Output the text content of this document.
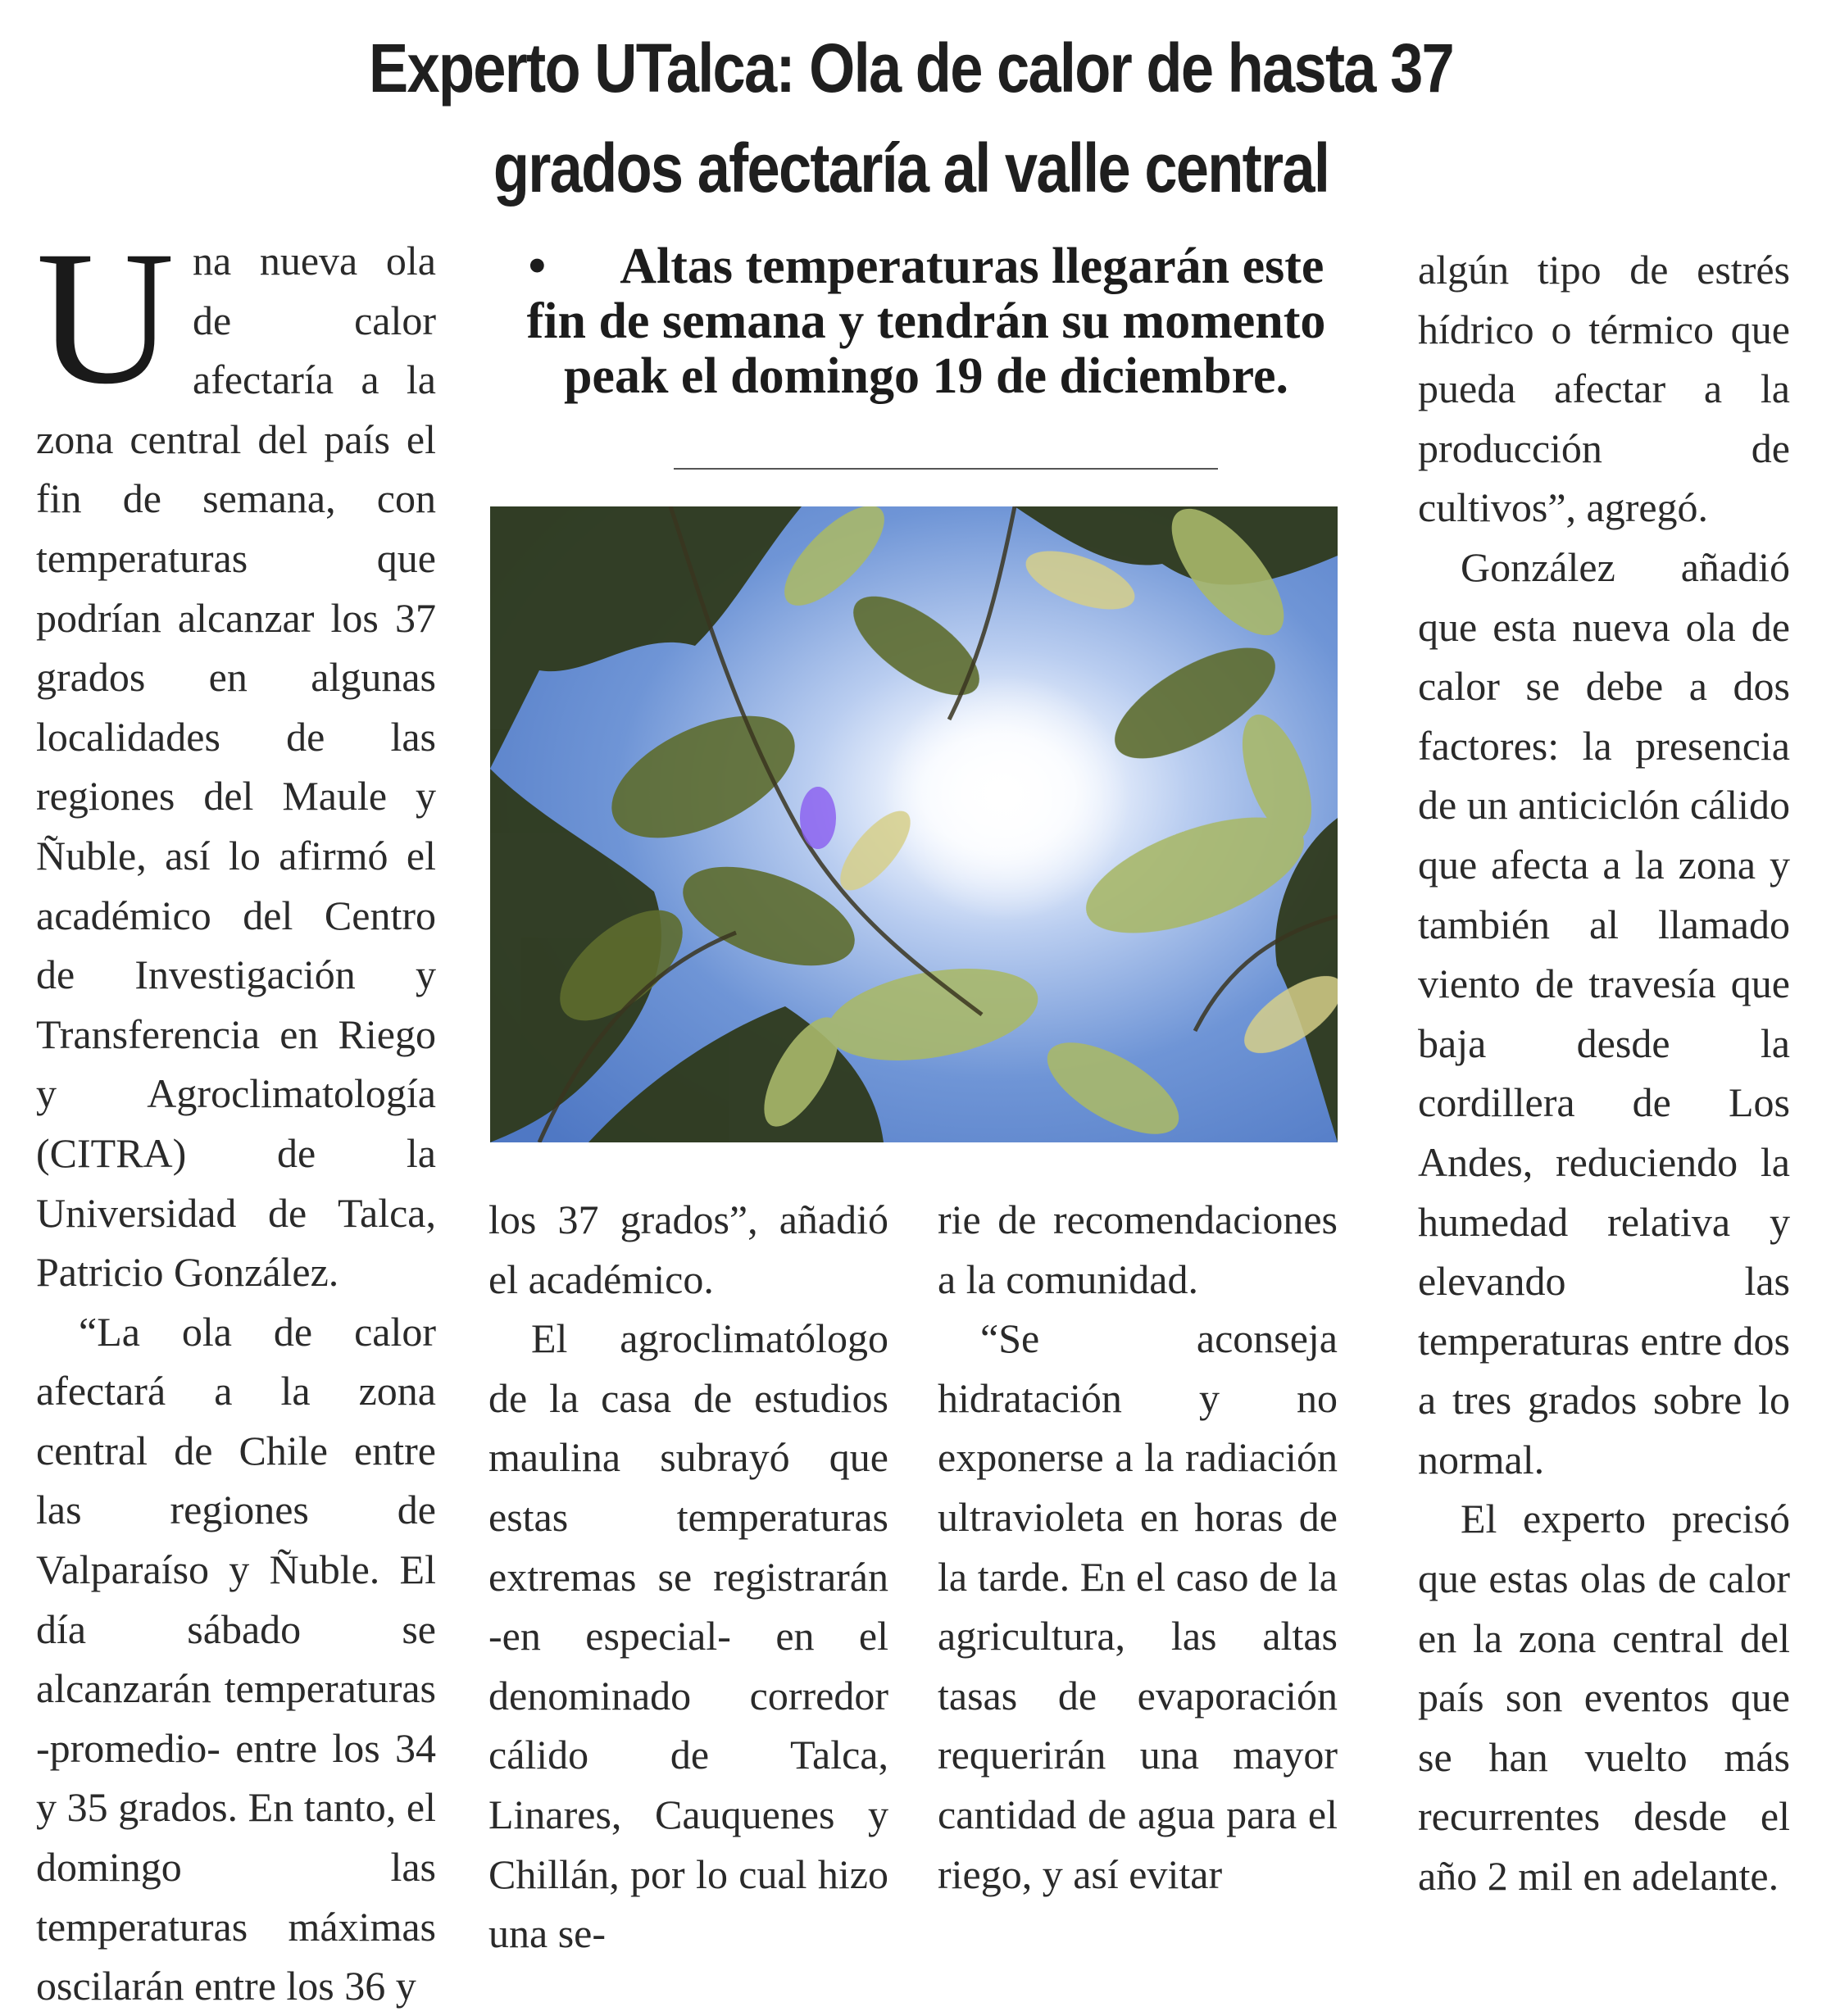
Experto UTalca: Ola de calor de hasta 37
grados afectaría al valle central

Una nueva ola de calor afectaría a la zona central del país el fin de semana, con temperaturas que podrían alcanzar los 37 grados en algunas localidades de las regiones del Maule y Ñuble, así lo afirmó el académico del Centro de Investigación y Transferencia en Riego y Agroclimatología (CITRA) de la Universidad de Talca, Patricio González.

“La ola de calor afectará a la zona central de Chile entre las regiones de Valparaíso y Ñuble. El día sábado se alcanzarán temperaturas -promedio- entre los 34 y 35 grados. En tanto, el domingo las temperaturas máximas oscilarán entre los 36 y

• Altas temperaturas llegarán este fin de semana y tendrán su momento peak el domingo 19 de diciembre.

los 37 grados”, añadió el académico.

El agroclimatólogo de la casa de estudios maulina subrayó que estas temperaturas extremas se registrarán -en especial- en el denominado corredor cálido de Talca, Linares, Cauquenes y Chillán, por lo cual hizo una se-

rie de recomendaciones a la comunidad.

“Se aconseja hidratación y no exponerse a la radiación ultravioleta en horas de la tarde. En el caso de la agricultura, las altas tasas de evaporación requerirán una mayor cantidad de agua para el riego, y así evitar

algún tipo de estrés hídrico o térmico que pueda afectar a la producción de cultivos”, agregó.

González añadió que esta nueva ola de calor se debe a dos factores: la presencia de un anticiclón cálido que afecta a la zona y también al llamado viento de travesía que baja desde la cordillera de Los Andes, reduciendo la humedad relativa y elevando las temperaturas entre dos a tres grados sobre lo normal.

El experto precisó que estas olas de calor en la zona central del país son eventos que se han vuelto más recurrentes desde el año 2 mil en adelante.
